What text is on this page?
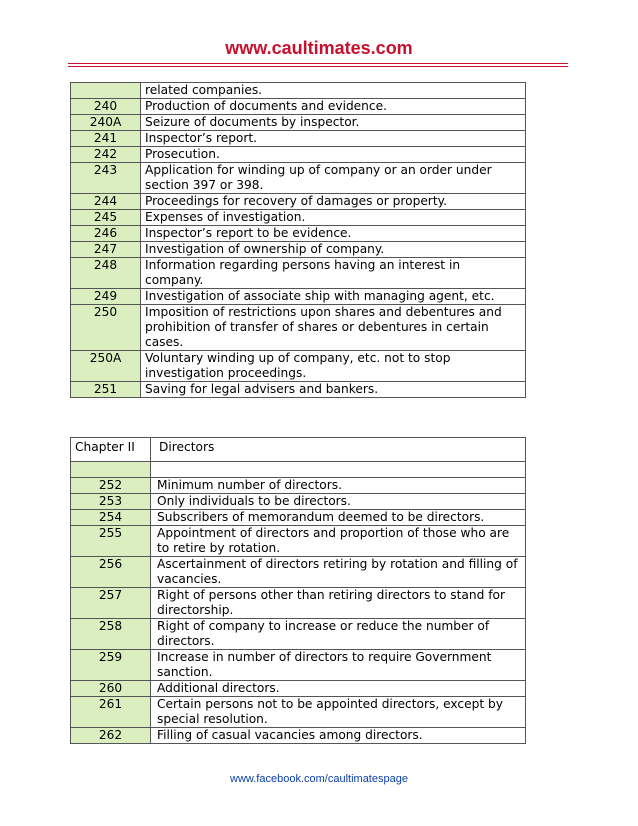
www.caultimates.com
	related companies.
240	Production of documents and evidence.
240A	Seizure of documents by inspector.
241	Inspector’s report.
242	Prosecution.
243	Application for winding up of company or an order under section 397 or 398.
244	Proceedings for recovery of damages or property.
245	Expenses of investigation.
246	Inspector’s report to be evidence.
247	Investigation of ownership of company.
248	Information regarding persons having an interest in company.
249	Investigation of associate ship with managing agent, etc.
250	Imposition of restrictions upon shares and debentures and prohibition of transfer of shares or debentures in certain cases.
250A	Voluntary winding up of company, etc. not to stop investigation proceedings.
251	Saving for legal advisers and bankers.
Chapter II	Directors

252	Minimum number of directors.
253	Only individuals to be directors.
254	Subscribers of memorandum deemed to be directors.
255	Appointment of directors and proportion of those who are to retire by rotation.
256	Ascertainment of directors retiring by rotation and filling of vacancies.
257	Right of persons other than retiring directors to stand for directorship.
258	Right of company to increase or reduce the number of directors.
259	Increase in number of directors to require Government sanction.
260	Additional directors.
261	Certain persons not to be appointed directors, except by special resolution.
262	Filling of casual vacancies among directors.
www.facebook.com/caultimatespage
